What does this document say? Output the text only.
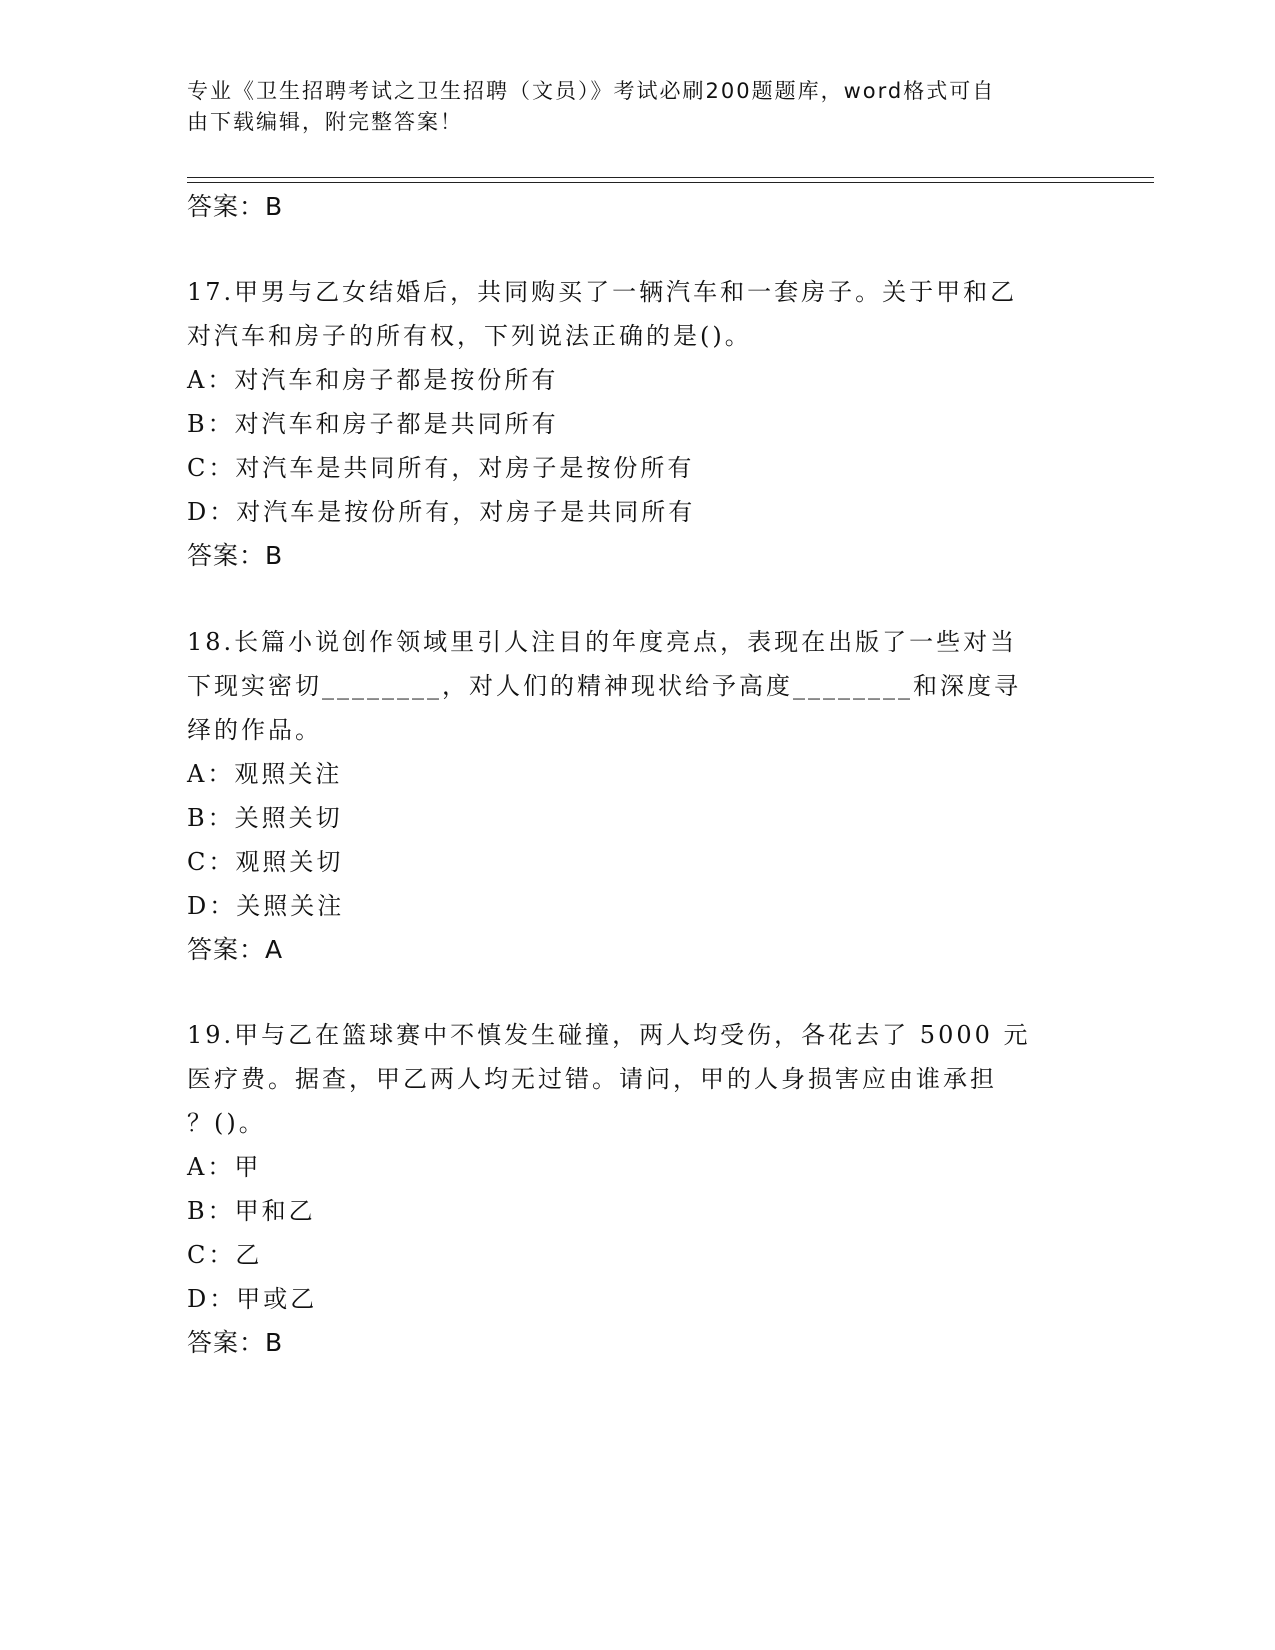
专业《卫生招聘考试之卫生招聘（文员）》考试必刷200题题库，word格式可自
由下载编辑，附完整答案！
答案：B
17.甲男与乙女结婚后，共同购买了一辆汽车和一套房子。关于甲和乙
对汽车和房子的所有权，下列说法正确的是()。
A：对汽车和房子都是按份所有
B：对汽车和房子都是共同所有
C：对汽车是共同所有，对房子是按份所有
D：对汽车是按份所有，对房子是共同所有
答案：B
18.长篇小说创作领域里引人注目的年度亮点，表现在出版了一些对当
下现实密切________，对人们的精神现状给予高度________和深度寻
绎的作品。
A：观照关注
B：关照关切
C：观照关切
D：关照关注
答案：A
19.甲与乙在篮球赛中不慎发生碰撞，两人均受伤，各花去了 5000 元
医疗费。据查，甲乙两人均无过错。请问，甲的人身损害应由谁承担
？()。
A：甲
B：甲和乙
C：乙
D：甲或乙
答案：B
